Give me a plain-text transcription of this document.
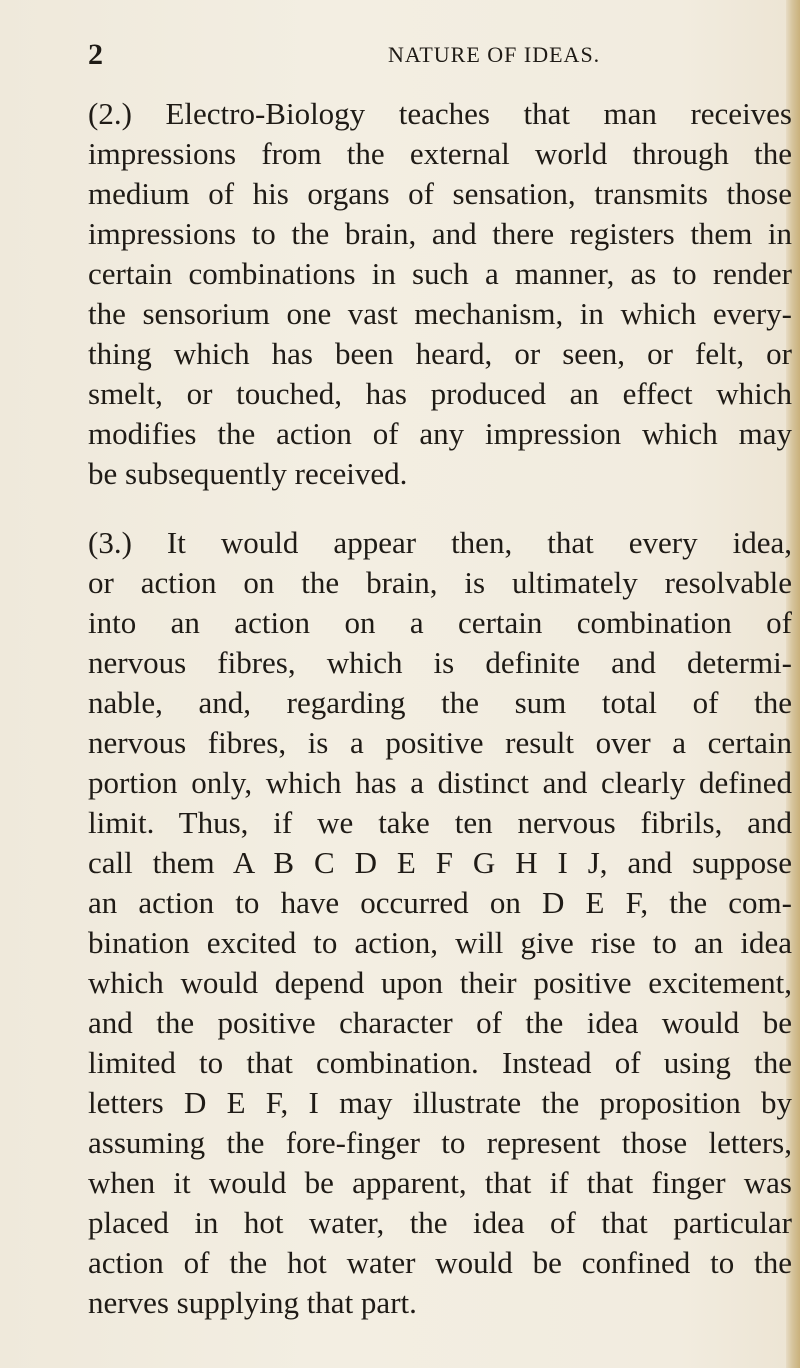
2	NATURE OF IDEAS.
(2.) Electro-Biology teaches that man receives
impressions from the external world through the
medium of his organs of sensation, transmits those
impressions to the brain, and there registers them in
certain combinations in such a manner, as to render
the sensorium one vast mechanism, in which every-
thing which has been heard, or seen, or felt, or
smelt, or touched, has produced an effect which
modifies the action of any impression which may
be subsequently received.
(3.) It would appear then, that every idea,
or action on the brain, is ultimately resolvable
into an action on a certain combination of
nervous fibres, which is definite and determi-
nable, and, regarding the sum total of the
nervous fibres, is a positive result over a certain
portion only, which has a distinct and clearly defined
limit. Thus, if we take ten nervous fibrils, and
call them A B C D E F G H I J, and suppose
an action to have occurred on D E F, the com-
bination excited to action, will give rise to an idea
which would depend upon their positive excitement,
and the positive character of the idea would be
limited to that combination. Instead of using the
letters D E F, I may illustrate the proposition by
assuming the fore-finger to represent those letters,
when it would be apparent, that if that finger was
placed in hot water, the idea of that particular
action of the hot water would be confined to the
nerves supplying that part.
